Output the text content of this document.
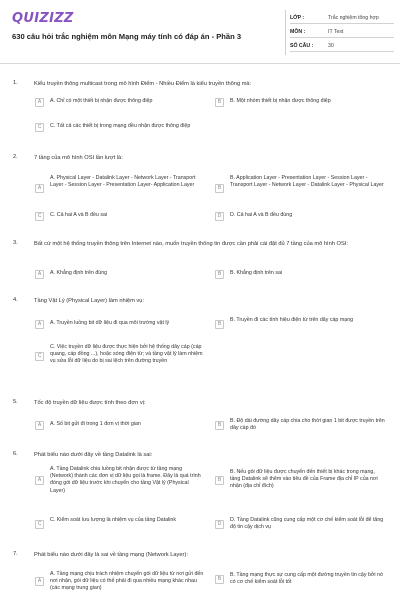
QUIZIZZ
630 câu hỏi trắc nghiệm môn Mạng máy tính có đáp án - Phần 3
LỚP :	Trắc nghiệm tổng hợp
MÔN :	IT Test
SỐ CÂU :	30
1.	Kiểu truyền thông multicast trong mô hình Điểm - Nhiều Điểm là kiểu truyền thông mà:
A	A. Chỉ có một thiết bị nhận được thông điệp	B	B. Một nhóm thiết bị nhận được thông điệp
C	C. Tất cả các thiết bị trong mạng đều nhận được thông điệp
2.	7 tầng của mô hình OSI lần lượt là:
A
A. Physical Layer - Datalink Layer - Network Layer - Transport Layer - Session Layer - Presentation Layer- Application Layer	B
B. Application Layer - Presentation Layer - Session Layer - Transport Layer - Network Layer - Datalink Layer - Physical Layer
C	C. Cả hai A và B đều sai	D	D. Cả hai A và B đều đúng
3.	Bất cứ một hệ thống truyền thông trên Internet nào, muốn truyền thông tin được cần phải cài đặt đủ 7 tầng của mô hình OSI:
A	A. Khẳng định trên đúng	B	B. Khẳng định trên sai
4.	Tầng Vật Lý (Physical Layer) làm nhiệm vụ:
A	A. Truyền luồng bit dữ liệu đi qua môi trường vật lý	B
B. Truyền đi các tính hiệu điện từ trên dây cáp mạng
C
C. Việc truyền dữ liệu được thực hiện bởi hệ thống dây cáp (cáp quang, cáp đồng ...), hoặc sóng điện từ; và tầng vật lý làm nhiệm vụ sửa lỗi dữ liệu do bị sai lệch trên đường truyền
5.	Tốc độ truyền dữ liệu được tính theo đơn vị:
A	A. Số bit gửi đi trong 1 đơn vị thời gian	B
B. Độ dài đường dây cáp chia cho thời gian 1 bit được truyền trên dây cáp đó
6.	Phát biểu nào dưới đây về tầng Datalink là sai:
A
A. Tầng Datalink chia luồng bit nhận được từ tầng mạng (Network) thành các đơn vị dữ liệu gọi là frame. Đây là quá trình đóng gói dữ liệu trước khi chuyển cho tầng Vật lý (Physical Layer)
B
B. Nếu gói dữ liệu được chuyển đến thiết bị khác trong mạng, tầng Datalink sẽ thêm vào tiêu đề của Frame địa chỉ IP của nơi nhận (địa chỉ đích)
C
C. Kiểm soát lưu lượng là nhiệm vụ của tầng Datalink
D
D. Tầng Datalink cũng cung cấp một cơ chế kiểm soát lỗi để tăng độ tin cậy dịch vụ
7.	Phát biểu nào dưới đây là sai về tầng mạng (Network Layer):
A
A. Tầng mạng chịu trách nhiệm chuyển gói dữ liệu từ nơi gửi đến nơi nhận, gói dữ liệu có thể phải đi qua nhiều mạng khác nhau (các mạng trung gian)
B
B. Tầng mạng thực sự cung cấp một đường truyền tin cậy bởi nó có cơ chế kiểm soát lỗi tốt
